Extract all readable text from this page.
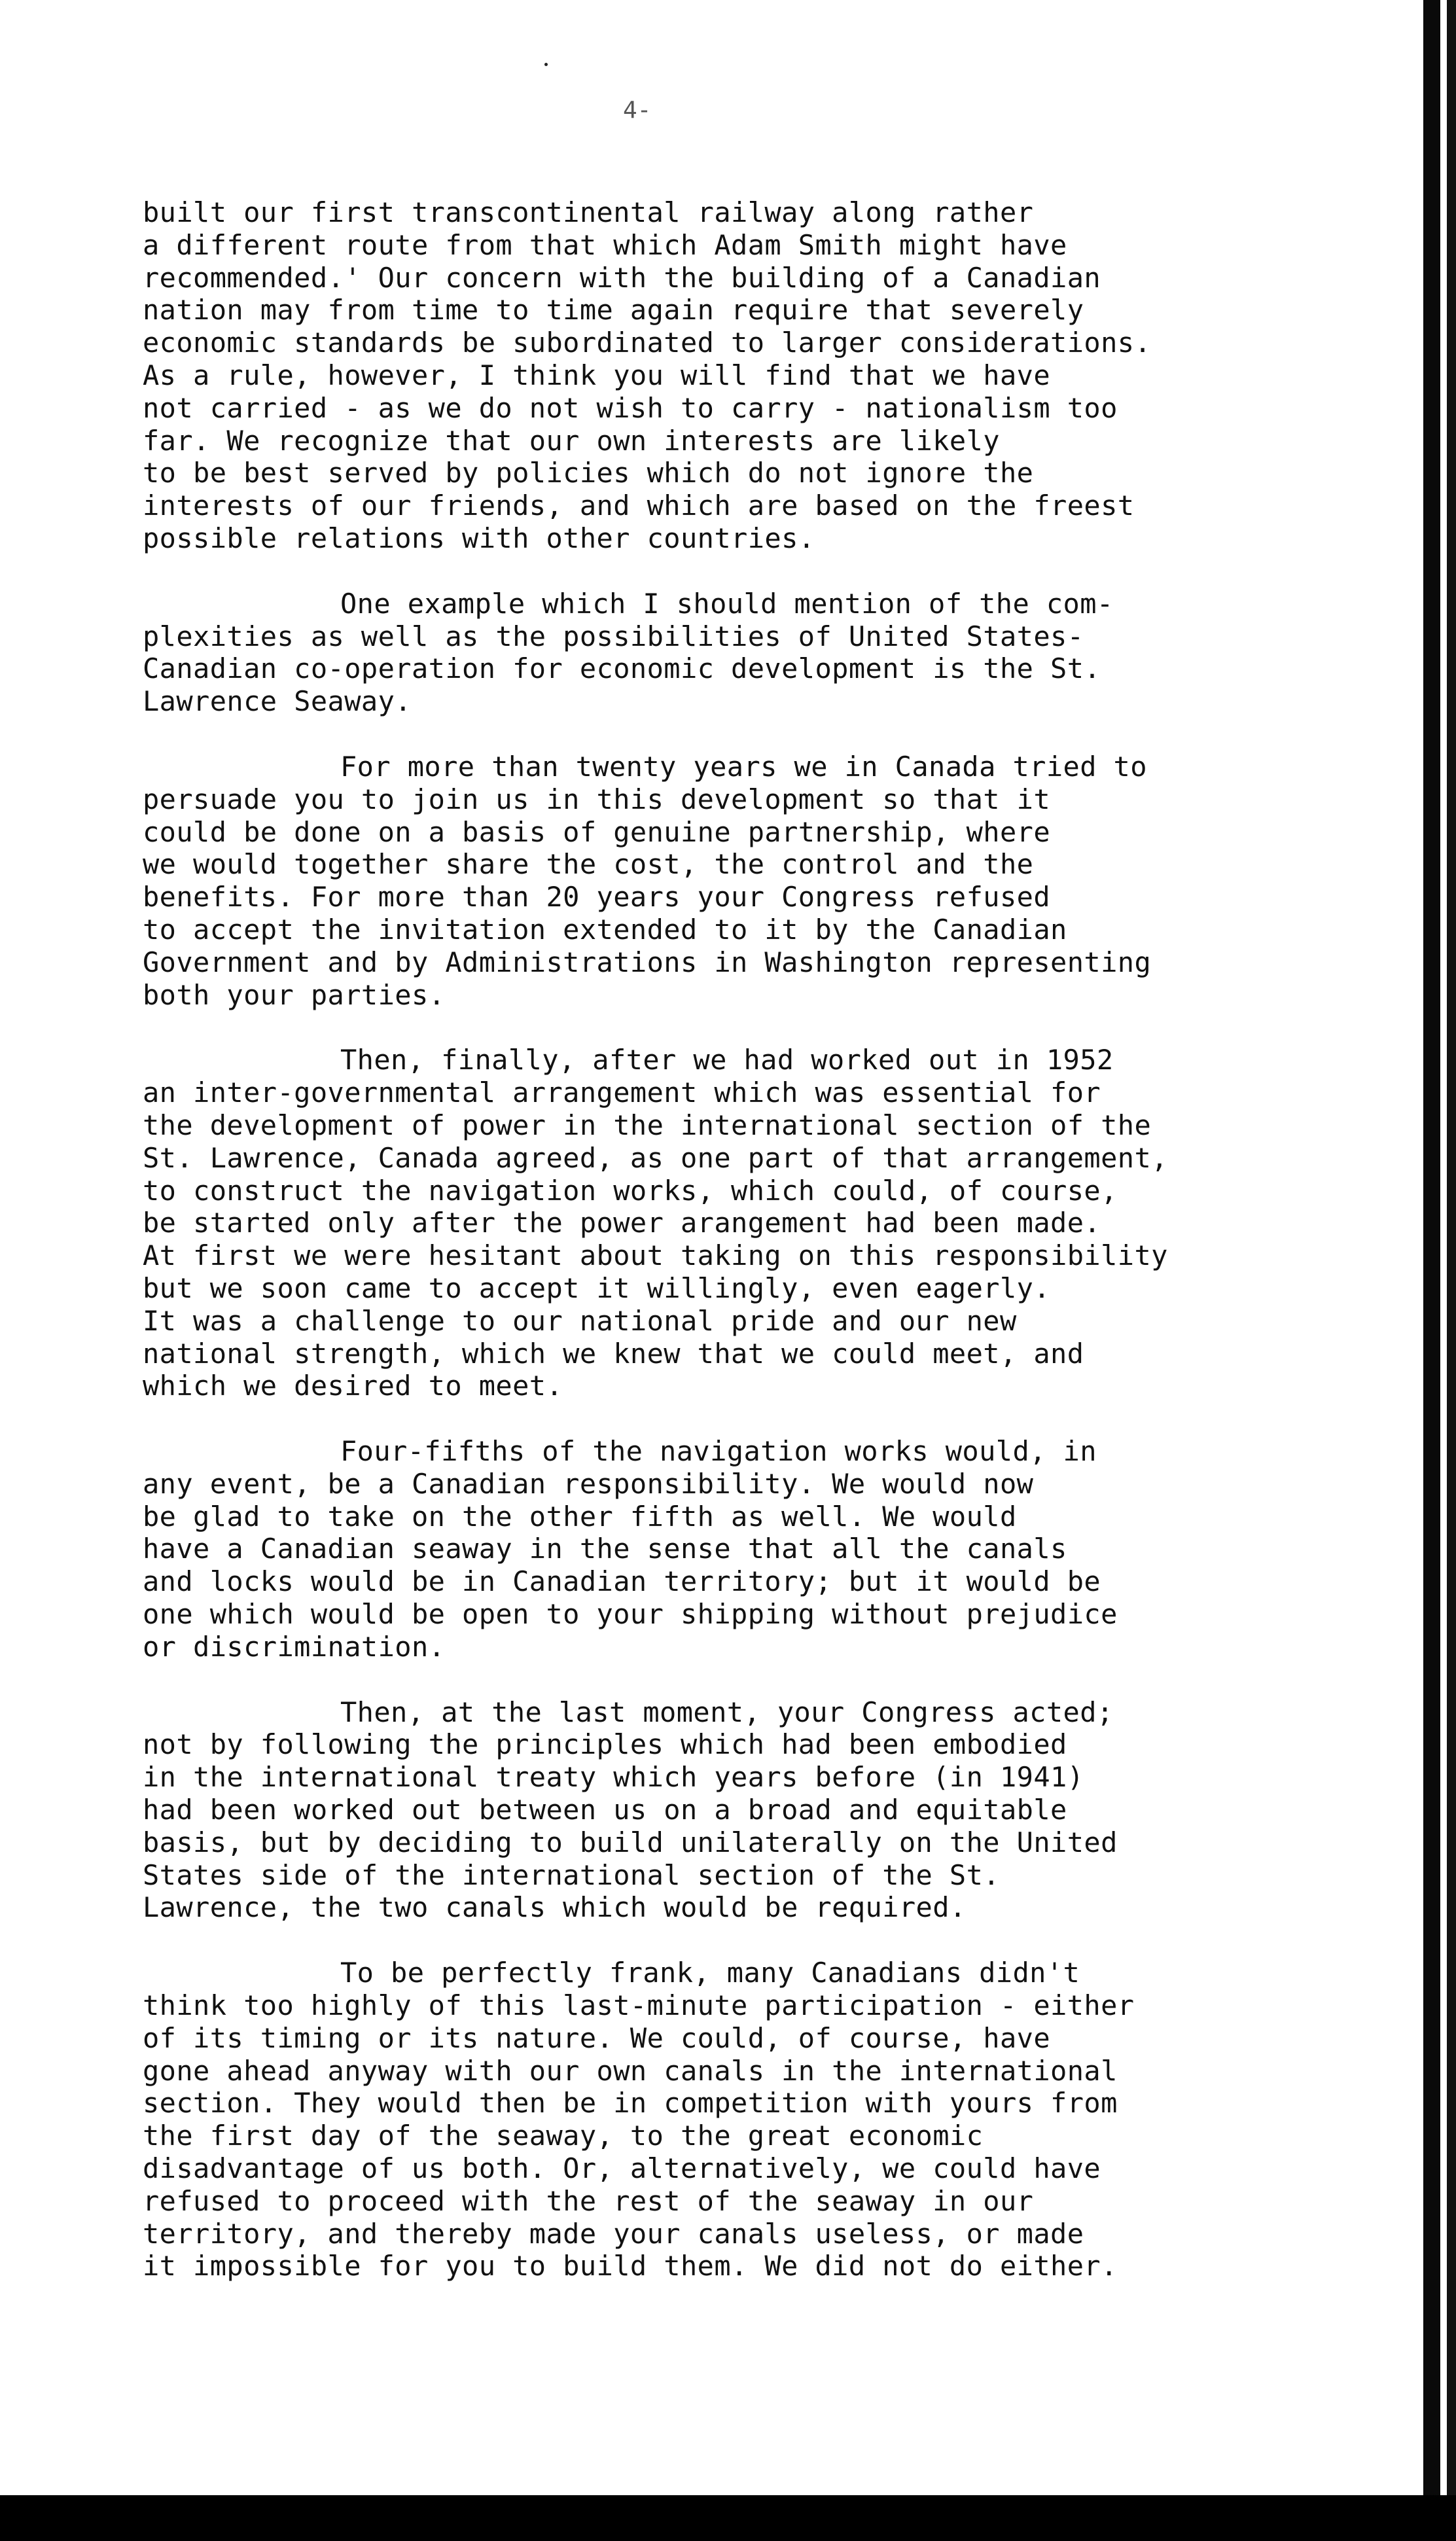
4-
built our first transcontinental railway along rather
a different route from that which Adam Smith might have
recommended.' Our concern with the building of a Canadian
nation may from time to time again require that severely
economic standards be subordinated to larger considerations.
As a rule, however, I think you will find that we have
not carried - as we do not wish to carry - nationalism too
far. We recognize that our own interests are likely
to be best served by policies which do not ignore the
interests of our friends, and which are based on the freest
possible relations with other countries.
One example which I should mention of the com-
plexities as well as the possibilities of United States-
Canadian co-operation for economic development is the St.
Lawrence Seaway.
For more than twenty years we in Canada tried to
persuade you to join us in this development so that it
could be done on a basis of genuine partnership, where
we would together share the cost, the control and the
benefits. For more than 20 years your Congress refused
to accept the invitation extended to it by the Canadian
Government and by Administrations in Washington representing
both your parties.
Then, finally, after we had worked out in 1952
an inter-governmental arrangement which was essential for
the development of power in the international section of the
St. Lawrence, Canada agreed, as one part of that arrangement,
to construct the navigation works, which could, of course,
be started only after the power arangement had been made.
At first we were hesitant about taking on this responsibility
but we soon came to accept it willingly, even eagerly.
It was a challenge to our national pride and our new
national strength, which we knew that we could meet, and
which we desired to meet.
Four-fifths of the navigation works would, in
any event, be a Canadian responsibility. We would now
be glad to take on the other fifth as well. We would
have a Canadian seaway in the sense that all the canals
and locks would be in Canadian territory; but it would be
one which would be open to your shipping without prejudice
or discrimination.
Then, at the last moment, your Congress acted;
not by following the principles which had been embodied
in the international treaty which years before (in 1941)
had been worked out between us on a broad and equitable
basis, but by deciding to build unilaterally on the United
States side of the international section of the St.
Lawrence, the two canals which would be required.
To be perfectly frank, many Canadians didn't
think too highly of this last-minute participation - either
of its timing or its nature. We could, of course, have
gone ahead anyway with our own canals in the international
section. They would then be in competition with yours from
the first day of the seaway, to the great economic
disadvantage of us both. Or, alternatively, we could have
refused to proceed with the rest of the seaway in our
territory, and thereby made your canals useless, or made
it impossible for you to build them. We did not do either.
